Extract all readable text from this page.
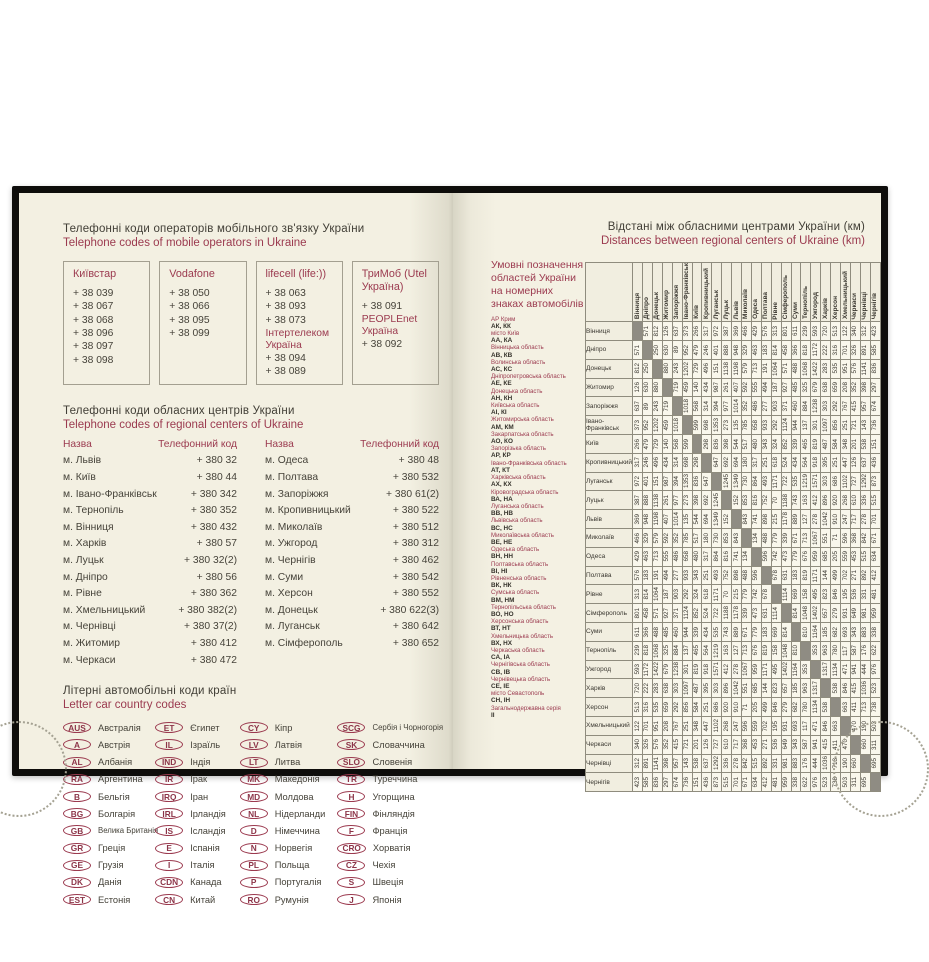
Телефонні коди операторів мобільного зв'язку України
Telephone codes of mobile operators in Ukraine
Київстар
+ 38 039
+ 38 067
+ 38 068
+ 38 096
+ 38 097
+ 38 098
Vodafone
+ 38 050
+ 38 066
+ 38 095
+ 38 099
lifecell (life:))
+ 38 063
+ 38 093
+ 38 073
Інтертелеком Україна
+ 38 094
+ 38 089
ТриМоб (Utel Україна)
+ 38 091
PEOPLEnet Україна
+ 38 092
Телефонні коди обласних центрів України
Telephone codes of regional centers of Ukraine
Назва	Телефонний код
м. Львів	+ 380 32
м. Київ	+ 380 44
м. Івано-Франківськ	+ 380 342
м. Тернопіль	+ 380 352
м. Вінниця	+ 380 432
м. Харків	+ 380 57
м. Луцьк	+ 380 32(2)
м. Дніпро	+ 380 56
м. Рівне	+ 380 362
м. Хмельницький	+ 380 382(2)
м. Чернівці	+ 380 37(2)
м. Житомир	+ 380 412
м. Черкаси	+ 380 472
Назва	Телефонний код
м. Одеса	+ 380 48
м. Полтава	+ 380 532
м. Запоріжжя	+ 380 61(2)
м. Кропивницький	+ 380 522
м. Миколаїв	+ 380 512
м. Ужгород	+ 380 312
м. Чернігів	+ 380 462
м. Суми	+ 380 542
м. Херсон	+ 380 552
м. Донецьк	+ 380 622(3)
м. Луганськ	+ 380 642
м. Сімферополь	+ 380 652
Літерні автомобільні коди країн
Letter car country codes
AUS	Австралія
A	Австрія
AL	Албанія
RA	Аргентина
B	Бельгія
BG	Болгарія
GB	Велика Британія
GR	Греція
GE	Грузія
DK	Данія
EST	Естонія
ET	Єгипет
IL	Ізраїль
IND	Індія
IR	Ірак
IRQ	Іран
IRL	Ірландія
IS	Ісландія
E	Іспанія
I	Італія
CDN	Канада
CN	Китай
CY	Кіпр
LV	Латвія
LT	Литва
MK	Македонія
MD	Молдова
NL	Нідерланди
D	Німеччина
N	Норвегія
PL	Польща
P	Португалія
RO	Румунія
SCG	Сербія і Чорногорія
SK	Словаччина
SLO	Словенія
TR	Туреччина
H	Угорщина
FIN	Фінляндія
F	Франція
CRO	Хорватія
CZ	Чехія
S	Швеція
J	Японія
Відстані між обласними центрами України (км)
Distances between regional centers of Ukraine (km)
Умовні позначення областей України на номерних знаках автомобілів
АР Крим
АК, КК
місто Київ
АА, КА
Вінницька область
АВ, КВ
Волинська область
АС, КС
Дніпропетровська область
АЕ, КЕ
Донецька область
АН, КН
Київська область
АІ, КІ
Житомирська область
АМ, КМ
Закарпатська область
АО, КО
Запорізька область
АР, КР
Івано-Франківська область
АТ, КТ
Харківська область
АХ, КХ
Кіровоградська область
ВА, НА
Луганська область
ВВ, НВ
Львівська область
ВС, НС
Миколаївська область
ВЕ, НЕ
Одеська область
ВН, НН
Полтавська область
ВІ, НІ
Рівненська область
ВК, НК
Сумська область
ВМ, НМ
Тернопільська область
ВО, НО
Херсонська область
ВТ, НТ
Хмельницька область
ВХ, НХ
Черкаська область
СА, ІА
Чернігівська область
СВ, ІВ
Чернівецька область
СЕ, ІЕ
місто Севастополь
СН, ІН
Загальнодержавна серія
ІІ

	Вінниця	Дніпро	Донецьк	Житомир	Запоріжжя	Івано-Франківськ	Київ	Кропивницький	Луганськ	Луцьк	Львів	Миколаїв	Одеса	Полтава	Рівне	Сімферополь	Суми	Тернопіль	Ужгород	Харків	Херсон	Хмельницький	Черкаси	Чернівці	Чернігів

Вінниця		571	812	126	637	373	266	317	972	387	369	466	429	576	313	801	611	239	593	720	513	122	340	312	423

Дніпро	571		250	630	89	952	479	246	401	888	948	329	463	183	814	458	366	818	1172	222	316	701	326	891	585

Донецьк	812	250		880	243	1202	729	496	151	1138	1198	579	713	191	1064	571	488	1068	1422	283	535	951	576	1141	836

Житомир	126	630	880		719	459	140	434	987	261	407	592	555	494	187	927	485	325	679	638	659	208	352	398	297

Запоріжжя	637	89	243	719		1018	568	314	394	977	1014	352	486	277	903	371	460	884	1238	303	292	767	415	957	674

Івано-Франківськ	373	952	1202	459	1018		599	698	1353	273	135	785	658	933	292	1124	944	137	301	1097	856	251	721	143	736

Київ	266	479	729	140	568	599		298	836	398	544	517	480	343	324	852	339	465	819	487	584	348	201	538	151

Кропивницький	317	246	496	434	314	698	298		647	692	694	180	317	251	618	524	434	564	918	395	251	447	126	637	436

Луганськ	972	401	151	987	394	1353	836	647		1245	1349	730	864	493	1171	722	535	1219	1571	303	686	1102	727	1292	873

Луцьк	387	888	1138	261	977	273	398	692	1245		152	853	816	752	70	1188	743	163	412	896	920	268	610	336	515

Львів	369	948	1198	407	1014	135	544	694	1349	152		843	741	898	215	1178	889	127	278	1042	910	247	717	278	701

Миколаїв	466	329	579	592	352	785	517	180	730	853	843		134	488	779	339	671	713	1067	551	71	596	368	842	671

Одеса	429	463	713	555	486	658	480	317	864	816	741	134		596	742	473	779	676	959	685	205	559	453	515	634

Полтава	576	183	191	494	277	933	343	251	493	752	898	488	596		678	631	183	819	1171	144	499	702	271	892	412

Рівне	313	814	1064	187	903	292	324	618	1171	70	215	779	742	678		1114	669	158	495	823	846	195	536	331	481

Сімферополь	801	458	571	927	371	1124	852	524	722	1188	1178	339	473	631	1114		814	1048	1402	657	279	931	649	981	959

Суми	611	366	488	485	460	944	339	434	535	743	889	671	779	183	669	814		810	1164	185	682	693	343	883	338

Тернопіль	239	818	1068	325	884	137	465	564	1219	163	127	713	676	819	158	1048	810		353	963	780	117	587	176	622

Ужгород	593	1172	1422	679	1238	301	819	918	1571	412	278	1067	959	1171	495	1402	1164	353		1317	1134	471	941	444	976

Харків	720	222	283	638	303	1097	487	395	303	896	1042	551	685	144	823	657	185	963	1317		538	846	415	1036	523

Херсон	513	316	535	659	292	856	584	251	686	920	910	71	205	499	846	279	682	780	1134	538		663	411	713	738

Хмельницький	122	701	951	208	767	251	348	447	1102	268	247	596	559	702	195	931	693	117	471	846	663		470	190	503

Черкаси	340	326	576	352	415	721	201	126	727	610	717	368	453	271	536	649	343	587	941	415	411	470		660	311

Чернівці	312	891	1141	398	957	143	538	637	1292	336	278	842	515	892	331	981	883	176	444	1036	713	190	660		695

Чернігів	423	585	836	297	674	736	151	436	873	515	701	671	634	412	481	959	338	622	976	523	738	503	311	695	
